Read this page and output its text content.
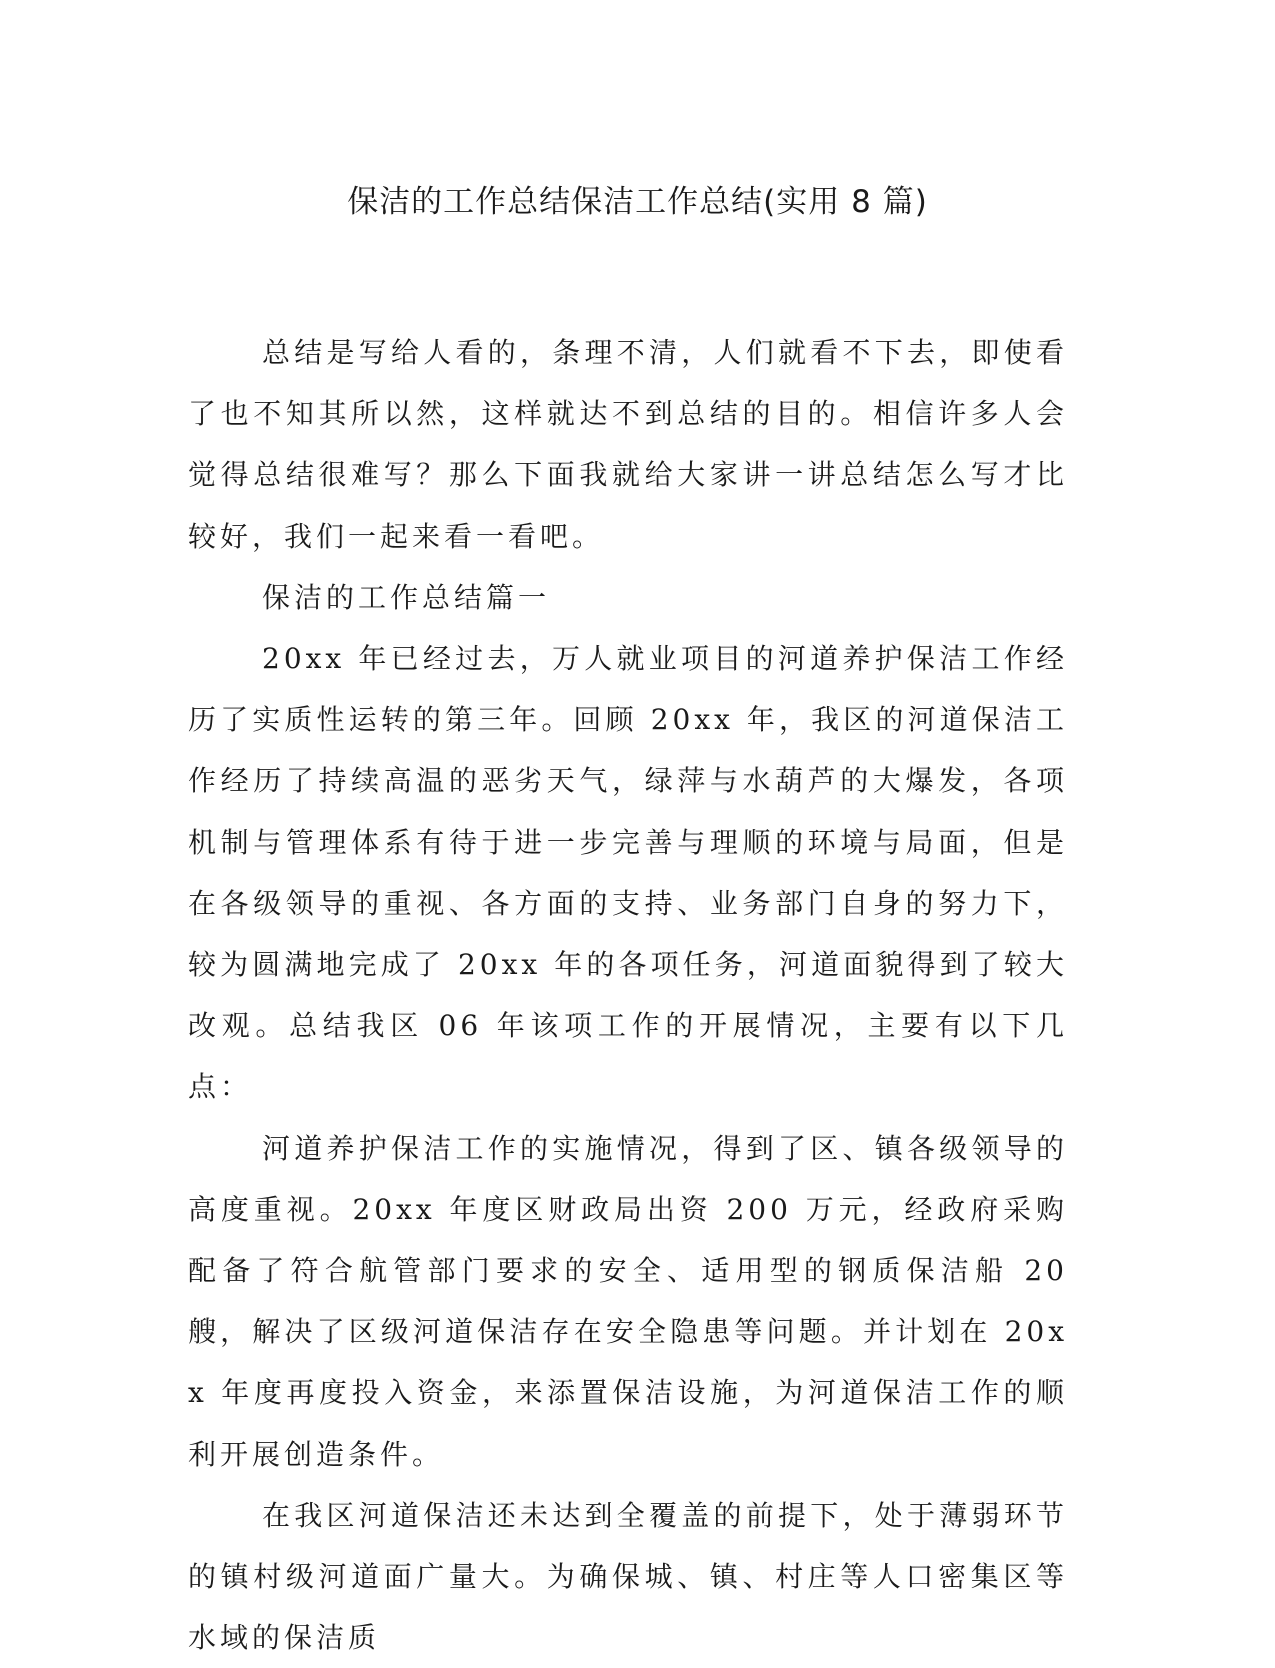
保洁的工作总结保洁工作总结(实用 8 篇)

总结是写给人看的，条理不清，人们就看不下去，即使看了也不知其所以然，这样就达不到总结的目的。相信许多人会觉得总结很难写？那么下面我就给大家讲一讲总结怎么写才比较好，我们一起来看一看吧。

保洁的工作总结篇一

20xx 年已经过去，万人就业项目的河道养护保洁工作经历了实质性运转的第三年。回顾 20xx 年，我区的河道保洁工作经历了持续高温的恶劣天气，绿萍与水葫芦的大爆发，各项机制与管理体系有待于进一步完善与理顺的环境与局面，但是在各级领导的重视、各方面的支持、业务部门自身的努力下，较为圆满地完成了 20xx 年的各项任务，河道面貌得到了较大改观。总结我区 06 年该项工作的开展情况，主要有以下几点：

河道养护保洁工作的实施情况，得到了区、镇各级领导的高度重视。20xx 年度区财政局出资 200 万元，经政府采购配备了符合航管部门要求的安全、适用型的钢质保洁船 20 艘，解决了区级河道保洁存在安全隐患等问题。并计划在 20xx 年度再度投入资金，来添置保洁设施，为河道保洁工作的顺利开展创造条件。

在我区河道保洁还未达到全覆盖的前提下，处于薄弱环节的镇村级河道面广量大。为确保城、镇、村庄等人口密集区等水域的保洁质
